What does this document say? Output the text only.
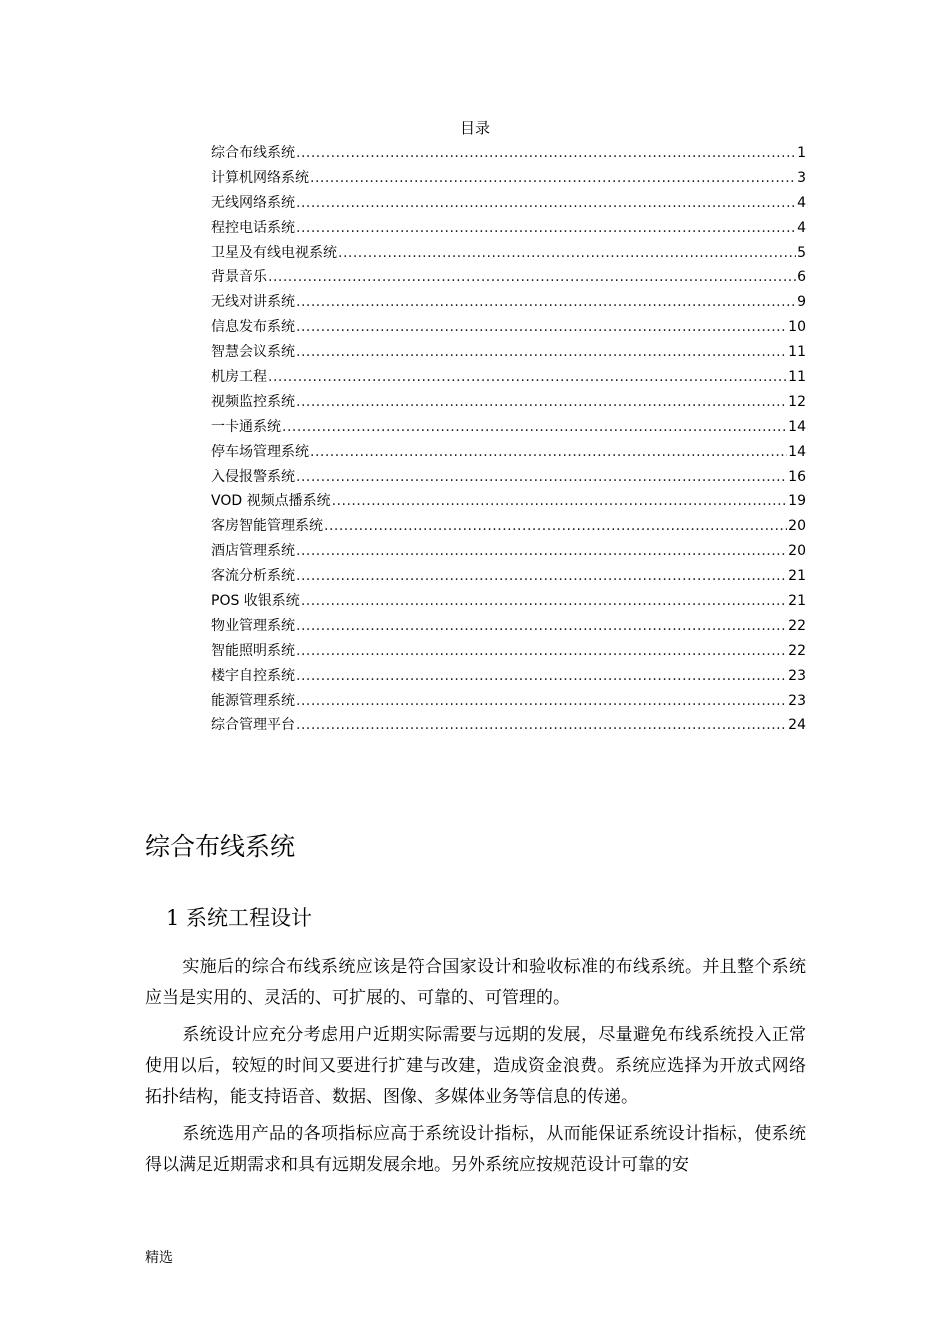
目录
综合布线系统 .....	1
计算机网络系统 .....	3
无线网络系统 .....	4
程控电话系统 .....	4
卫星及有线电视系统 .....	5
背景音乐 .....	6
无线对讲系统 .....	9
信息发布系统 .....	10
智慧会议系统 .....	11
机房工程 .....	11
视频监控系统 .....	12
一卡通系统 .....	14
停车场管理系统 .....	14
入侵报警系统 .....	16
VOD 视频点播系统 .....	19
客房智能管理系统 .....	20
酒店管理系统 .....	20
客流分析系统 .....	21
POS 收银系统 .....	21
物业管理系统 .....	22
智能照明系统 .....	22
楼宇自控系统 .....	23
能源管理系统 .....	23
综合管理平台 .....	24
综合布线系统
1 系统工程设计

实施后的综合布线系统应该是符合国家设计和验收标准的布线系统。并且整个系统应当是实用的、灵活的、可扩展的、可靠的、可管理的。

系统设计应充分考虑用户近期实际需要与远期的发展，尽量避免布线系统投入正常使用以后，较短的时间又要进行扩建与改建，造成资金浪费。系统应选择为开放式网络拓扑结构，能支持语音、数据、图像、多媒体业务等信息的传递。

系统选用产品的各项指标应高于系统设计指标，从而能保证系统设计指标，使系统得以满足近期需求和具有远期发展余地。另外系统应按规范设计可靠的安

精选
